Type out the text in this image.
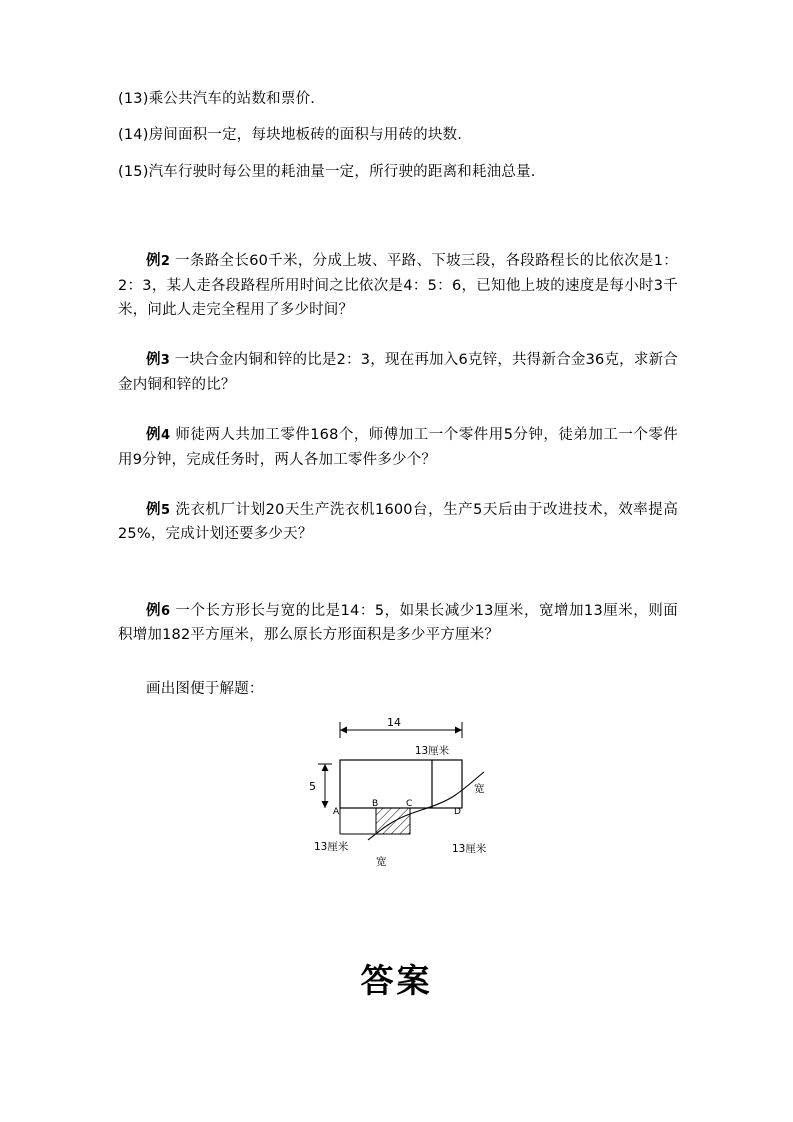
(13)乘公共汽车的站数和票价.
(14)房间面积一定，每块地板砖的面积与用砖的块数.
(15)汽车行驶时每公里的耗油量一定，所行驶的距离和耗油总量.
例2 一条路全长60千米，分成上坡、平路、下坡三段，各段路程长的比依次是1：2：3，某人走各段路程所用时间之比依次是4：5：6，已知他上坡的速度是每小时3千米，问此人走完全程用了多少时间？
例3 一块合金内铜和锌的比是2：3，现在再加入6克锌，共得新合金36克，求新合金内铜和锌的比？
例4 师徒两人共加工零件168个，师傅加工一个零件用5分钟，徒弟加工一个零件用9分钟，完成任务时，两人各加工零件多少个？
例5 洗衣机厂计划20天生产洗衣机1600台，生产5天后由于改进技术，效率提高25%，完成计划还要多少天？
例6 一个长方形长与宽的比是14：5，如果长减少13厘米，宽增加13厘米，则面积增加182平方厘米，那么原长方形面积是多少平方厘米？
画出图便于解题：
A
B	C
D
14
5
13厘米
宽
13厘米
宽
13厘米
答案
